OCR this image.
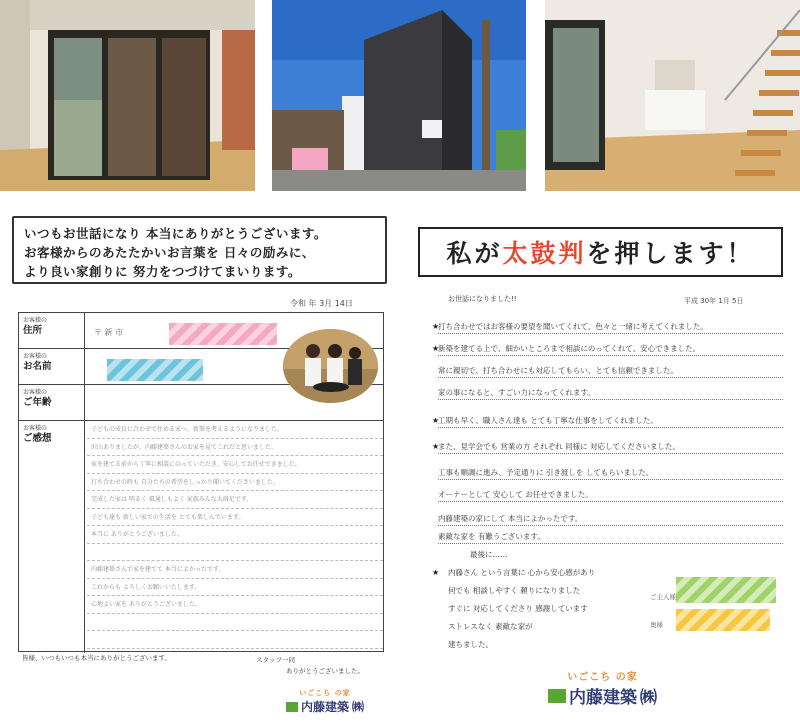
いつもお世話になり 本当にありがとうございます。
お客様からのあたたかいお言葉を 日々の励みに、
より良い家創りに 努力をつづけてまいります。
令和 年 3月 14日
お客様の
住所	〒 新 市
お客様の
お名前
お客様の
ご年齢
お客様の
ご感想
子どもの成長に合わせて住める家へ、新築を考えるようになりました。
沢山ありましたが、内藤建築さんのお家を見てこれだと思いました。
家を建てる前から丁寧に相談にのっていただき、安心してお任せできました。
打ち合わせの時も 自分たちの希望をしっかり聞いてくださいました。
完成した家は 明るく 風通しもよく 家族みんな大満足です。
子ども達も 新しい家での生活を とても楽しんでいます。
本当に ありがとうございました。
内藤建築さんで家を建てて 本当によかったです。
これからも よろしくお願いいたします。
心地よい家を ありがとうございました。
皆様、いつもいつも本当にありがとうございます。	スタッフ一同
ありがとうございました。
いごこち の家
内藤建築 ㈱
私が 太鼓判 を押します ！
お世話になりました!!	平成 30年 1月 5日
打ち合わせではお客様の要望を聞いてくれて、色々と一緒に考えてくれました。
新築を建てる上で、細かいところまで相談にのってくれて、安心できました。
常に親切で、打ち合わせにも対応してもらい、とても信頼できました。
家の事になると、すごい力になってくれます。
工期も早く、職人さん達も とても丁寧な仕事をしてくれました。
また、見学会でも 営業の方 それぞれ 同様に 対応してくださいました。
工事も順調に進み、予定通りに 引き渡しを してもらいました。
オーナーとして 安心して お任せできました。
内藤建築の家にして 本当によかったです。
素敵な家を 有難うございます。
★
★
★
★
★
最後に……
内藤さん という言葉に 心から安心感があり
何でも 相談しやすく 頼りになりました
すぐに 対応してくださり 感謝しています
ストレスなく 素敵な家が
建ちました。
ご主人様
奥様
いごこち の家
内藤建築 ㈱
